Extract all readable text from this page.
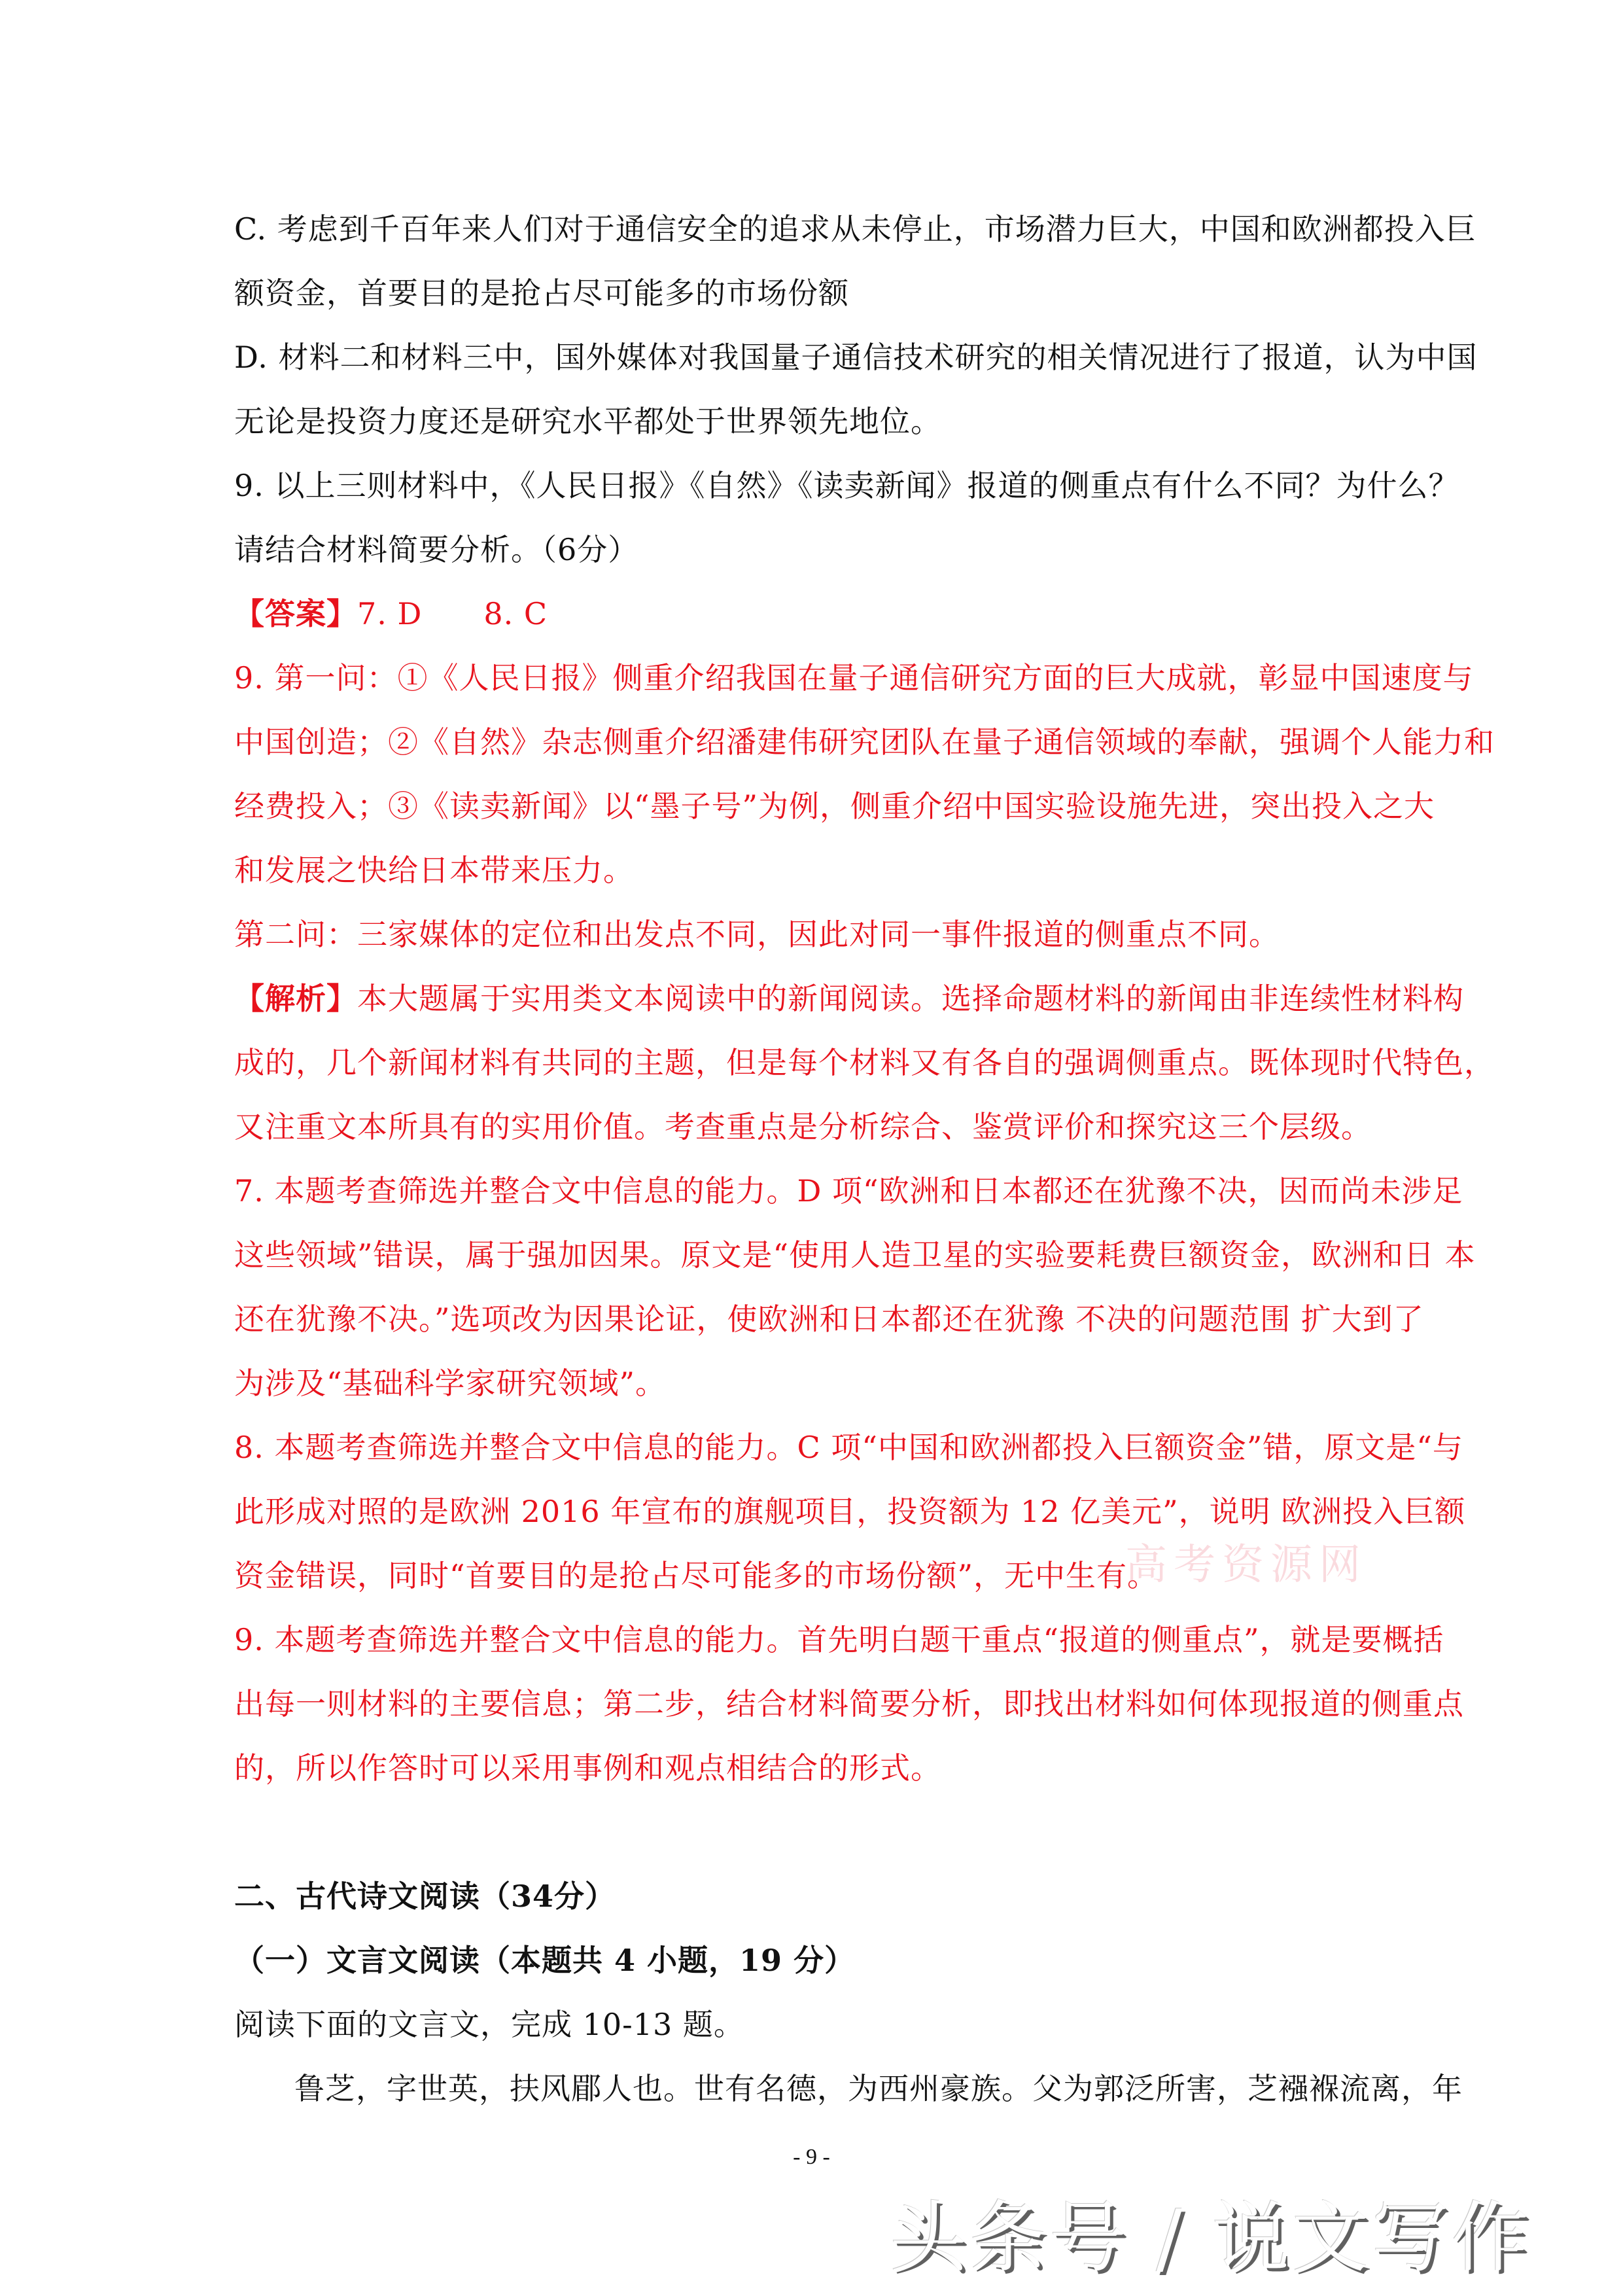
C. 考虑到千百年来人们对于通信安全的追求从未停止，市场潜力巨大，中国和欧洲都投入巨
额资金，首要目的是抢占尽可能多的市场份额
D. 材料二和材料三中，国外媒体对我国量子通信技术研究的相关情况进行了报道，认为中国
无论是投资力度还是研究水平都处于世界领先地位。
9. 以上三则材料中，《人民日报》《自然》《读卖新闻》报道的侧重点有什么不同？为什么？
请结合材料简要分析。（6分）
【答案】7. D　　8. C
9. 第一问：①《人民日报》侧重介绍我国在量子通信研究方面的巨大成就，彰显中国速度与
中国创造；②《自然》杂志侧重介绍潘建伟研究团队在量子通信领域的奉献，强调个人能力和
经费投入；③《读卖新闻》以“墨子号”为例，侧重介绍中国实验设施先进，突出投入之大
和发展之快给日本带来压力。
第二问：三家媒体的定位和出发点不同，因此对同一事件报道的侧重点不同。
【解析】本大题属于实用类文本阅读中的新闻阅读。选择命题材料的新闻由非连续性材料构
成的，几个新闻材料有共同的主题，但是每个材料又有各自的强调侧重点。既体现时代特色，
又注重文本所具有的实用价值。考查重点是分析综合、鉴赏评价和探究这三个层级。
7. 本题考查筛选并整合文中信息的能力。D 项“欧洲和日本都还在犹豫不决，因而尚未涉足
这些领域”错误，属于强加因果。原文是“使用人造卫星的实验要耗费巨额资金，欧洲和日 本
还在犹豫不决。”选项改为因果论证，使欧洲和日本都还在犹豫 不决的问题范围 扩大到了
为涉及“基础科学家研究领域”。
8. 本题考查筛选并整合文中信息的能力。C 项“中国和欧洲都投入巨额资金”错，原文是“与
此形成对照的是欧洲 2016 年宣布的旗舰项目，投资额为 12 亿美元”，说明 欧洲投入巨额
资金错误，同时“首要目的是抢占尽可能多的市场份额”，无中生有。
9. 本题考查筛选并整合文中信息的能力。首先明白题干重点“报道的侧重点”，就是要概括
出每一则材料的主要信息；第二步，结合材料简要分析，即找出材料如何体现报道的侧重点
的，所以作答时可以采用事例和观点相结合的形式。
二、古代诗文阅读（34分）
（一）文言文阅读（本题共 4 小题，19 分）
阅读下面的文言文，完成 10-13 题。
鲁芝，字世英，扶风郿人也。世有名德，为西州豪族。父为郭泛所害，芝襁褓流离，年
- 9 -
高考资源网
头条号 / 说文写作
